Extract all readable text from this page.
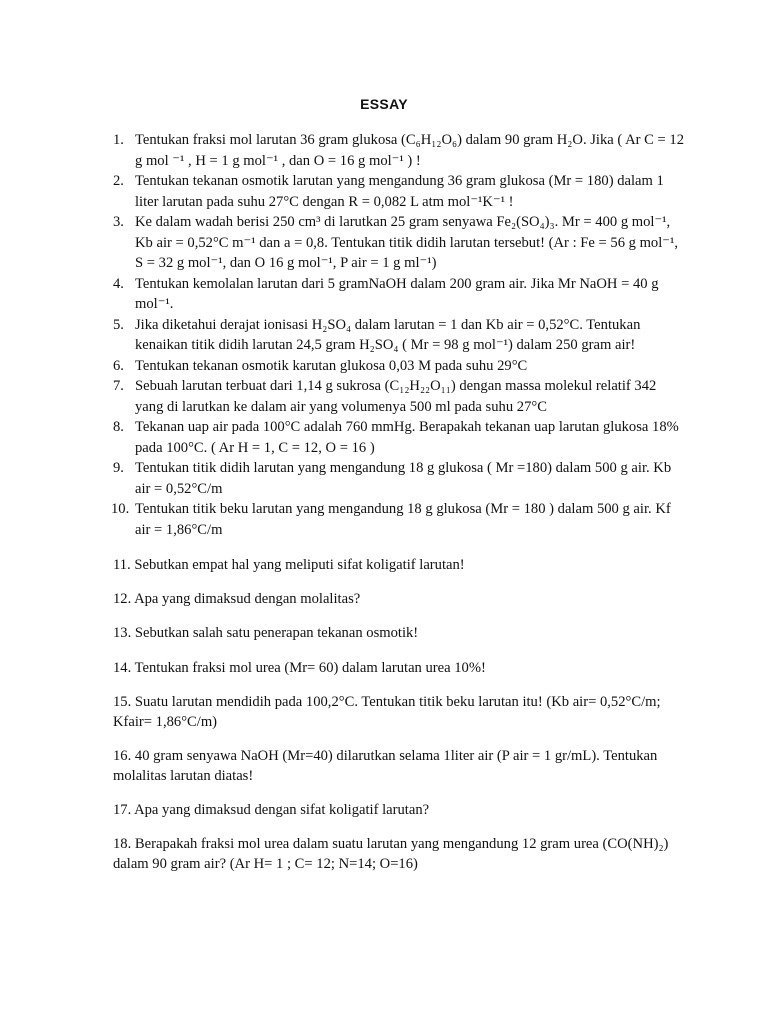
ESSAY
1. Tentukan fraksi mol larutan 36 gram glukosa (C₆H₁₂O₆) dalam 90 gram H₂O. Jika ( Ar C = 12 g mol ⁻¹ , H = 1 g mol⁻¹ , dan O = 16 g mol⁻¹ ) !
2. Tentukan tekanan osmotik larutan yang mengandung 36 gram glukosa (Mr = 180) dalam 1 liter larutan pada suhu 27°C dengan R = 0,082 L atm mol⁻¹K⁻¹ !
3. Ke dalam wadah berisi 250 cm³ di larutkan 25 gram senyawa Fe₂(SO₄)₃. Mr = 400 g mol⁻¹, Kb air = 0,52°C m⁻¹ dan a = 0,8. Tentukan titik didih larutan tersebut! (Ar : Fe = 56 g mol⁻¹, S = 32 g mol⁻¹, dan O 16 g mol⁻¹, P air = 1 g ml⁻¹)
4. Tentukan kemolalan larutan dari 5 gramNaOH dalam 200 gram air. Jika Mr NaOH = 40 g mol⁻¹.
5. Jika diketahui derajat ionisasi H₂SO₄ dalam larutan = 1 dan Kb air = 0,52°C. Tentukan kenaikan titik didih larutan 24,5 gram H₂SO₄ ( Mr = 98 g mol⁻¹) dalam 250 gram air!
6. Tentukan tekanan osmotik karutan glukosa 0,03 M pada suhu 29°C
7. Sebuah larutan terbuat dari 1,14 g sukrosa (C₁₂H₂₂O₁₁) dengan massa molekul relatif 342 yang di larutkan ke dalam air yang volumenya 500 ml pada suhu 27°C
8. Tekanan uap air pada 100°C adalah 760 mmHg. Berapakah tekanan uap larutan glukosa 18% pada 100°C. ( Ar H = 1, C = 12, O = 16 )
9. Tentukan titik didih larutan yang mengandung 18 g glukosa ( Mr =180) dalam 500 g air. Kb air = 0,52°C/m
10. Tentukan titik beku larutan yang mengandung 18 g glukosa (Mr = 180 ) dalam 500 g air. Kf air = 1,86°C/m
11. Sebutkan empat hal yang meliputi sifat koligatif larutan!
12. Apa yang dimaksud dengan molalitas?
13. Sebutkan salah satu penerapan tekanan osmotik!
14. Tentukan fraksi mol urea (Mr= 60) dalam larutan urea 10%!
15. Suatu larutan mendidih pada 100,2°C. Tentukan titik beku larutan itu! (Kb air= 0,52°C/m; Kfair= 1,86°C/m)
16. 40 gram senyawa NaOH (Mr=40) dilarutkan selama 1liter air (P air = 1 gr/mL). Tentukan molalitas larutan diatas!
17. Apa yang dimaksud dengan sifat koligatif larutan?
18. Berapakah fraksi mol urea dalam suatu larutan yang mengandung 12 gram urea (CO(NH)₂) dalam 90 gram air? (Ar H= 1 ; C= 12; N=14; O=16)
